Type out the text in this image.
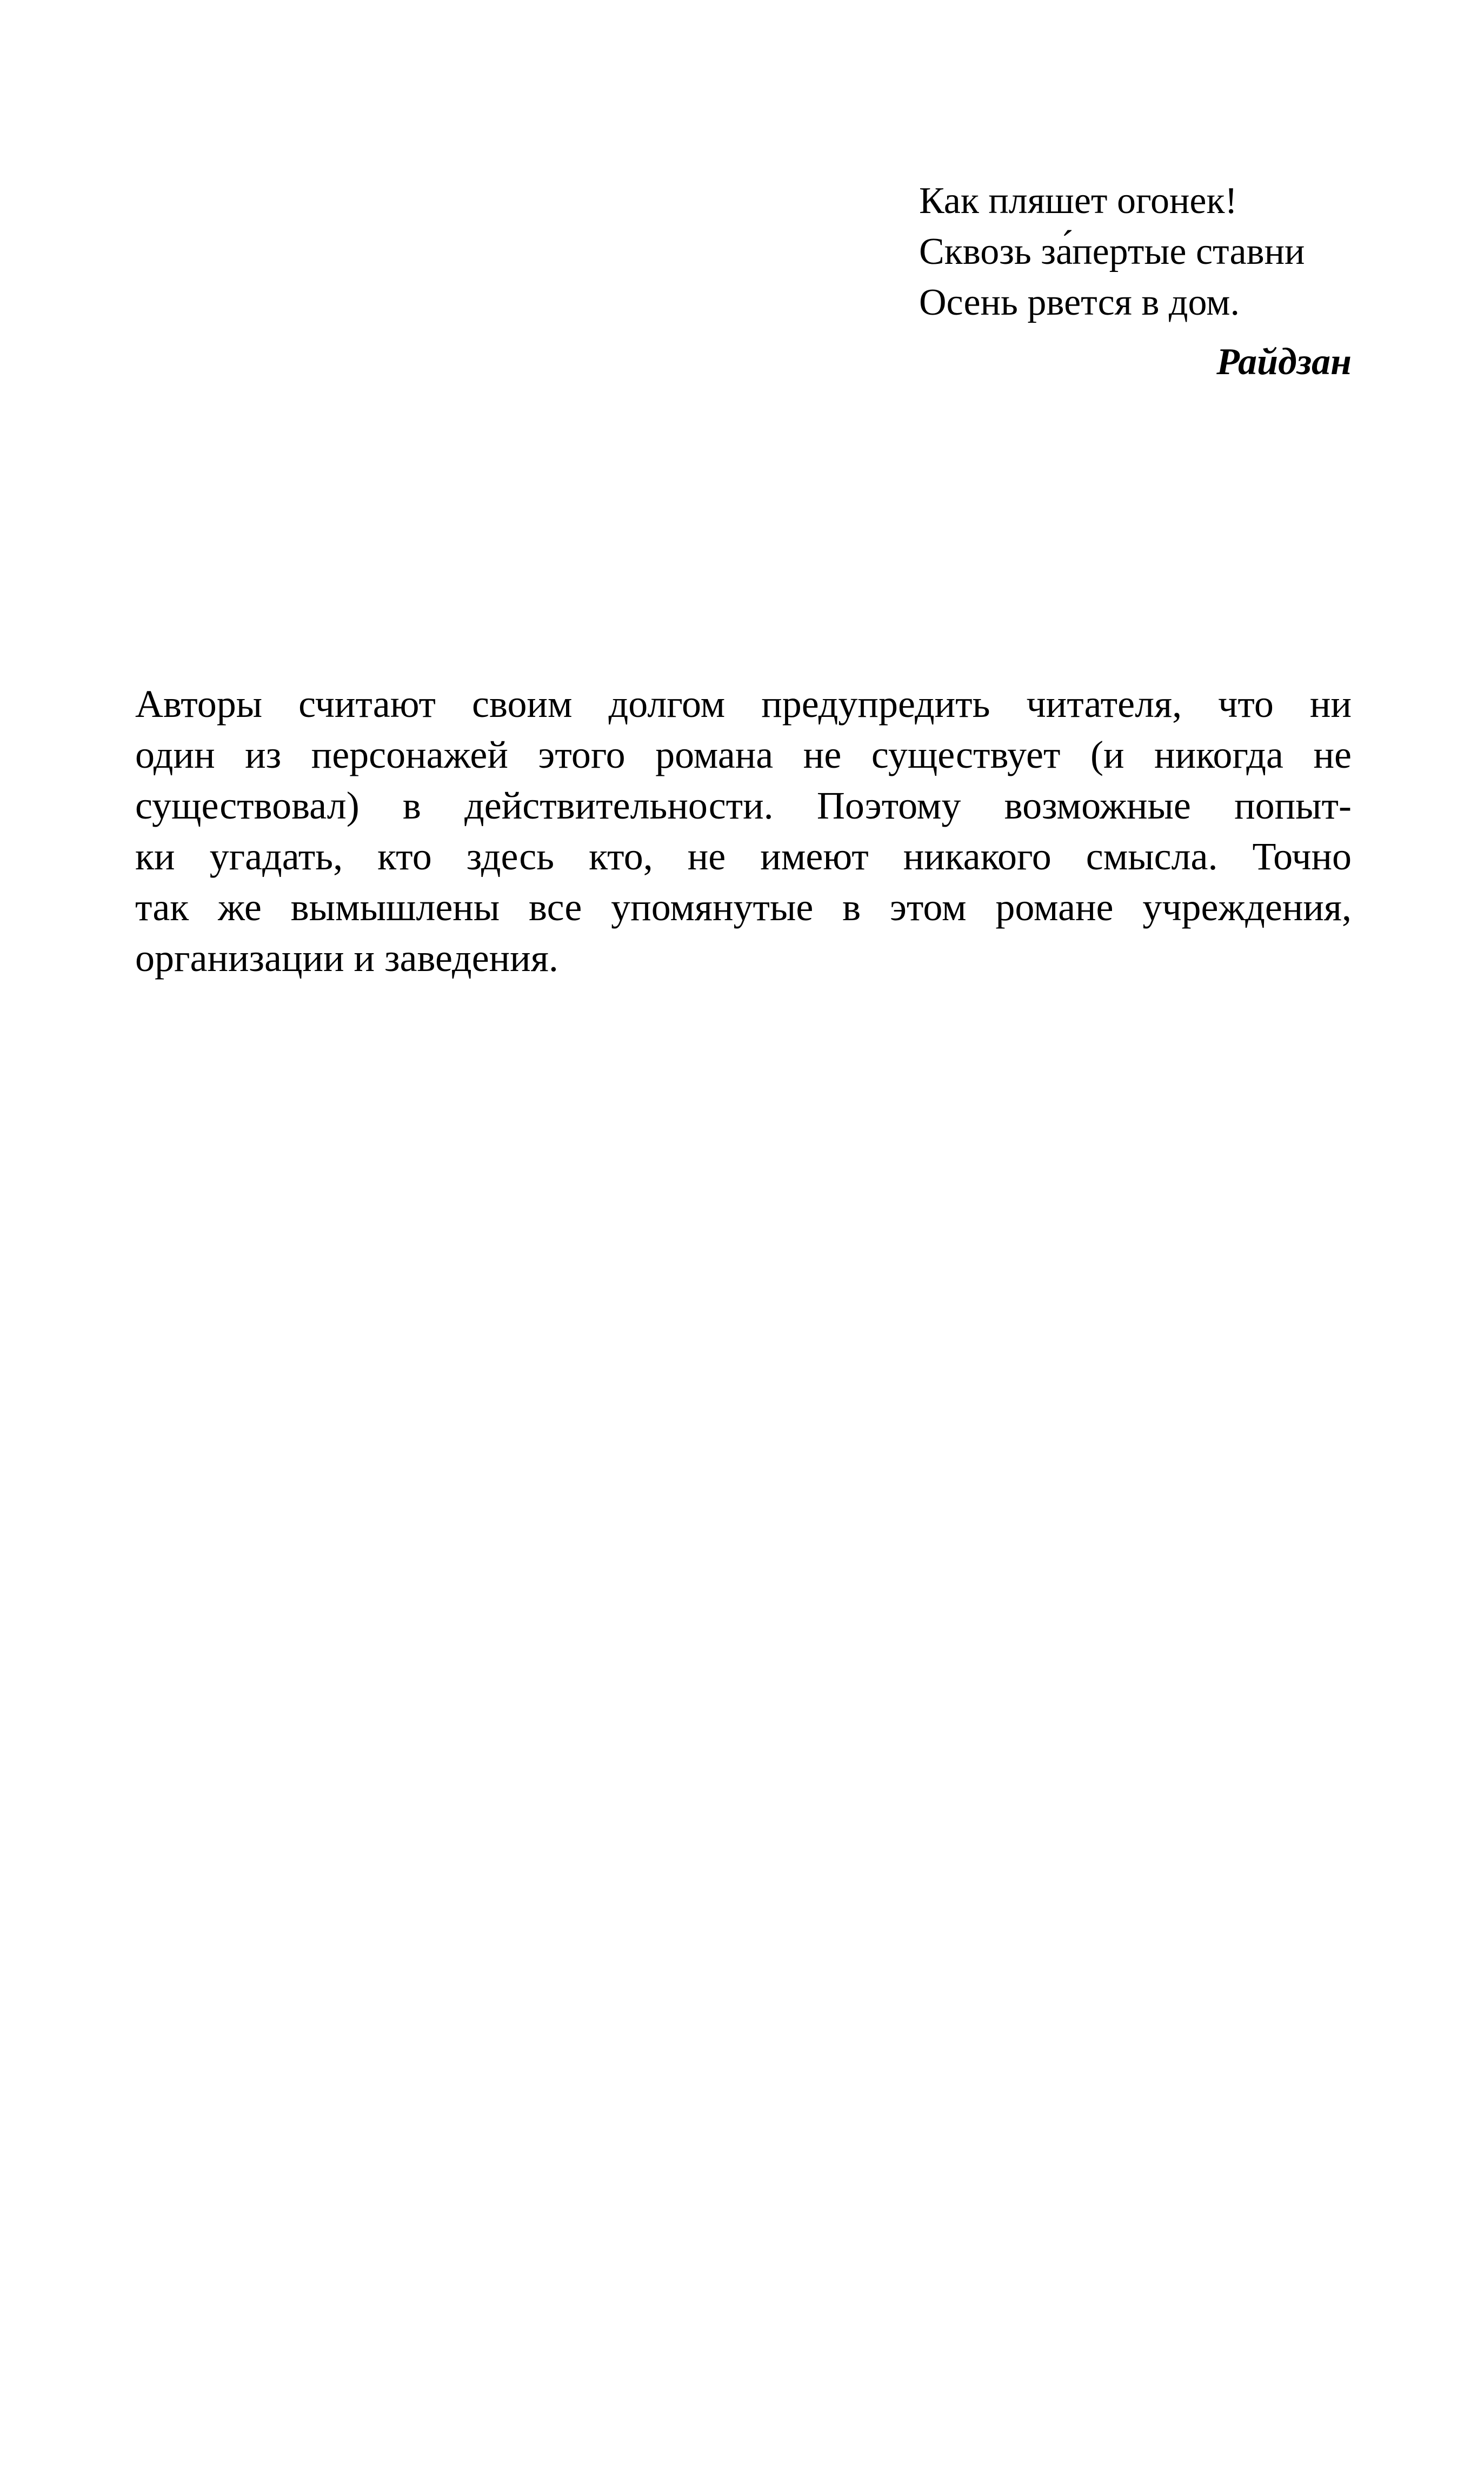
Как пляшет огонек!
Сквозь за́пертые ставни
Осень рвется в дом.
Райдзан
Авторы считают своим долгом предупредить читателя, что ни
один из персонажей этого романа не существует (и никогда не
существовал) в действительности. Поэтому возможные попыт-
ки угадать, кто здесь кто, не имеют никакого смысла. Точно
так же вымышлены все упомянутые в этом романе учреждения,
организации и заведения.
